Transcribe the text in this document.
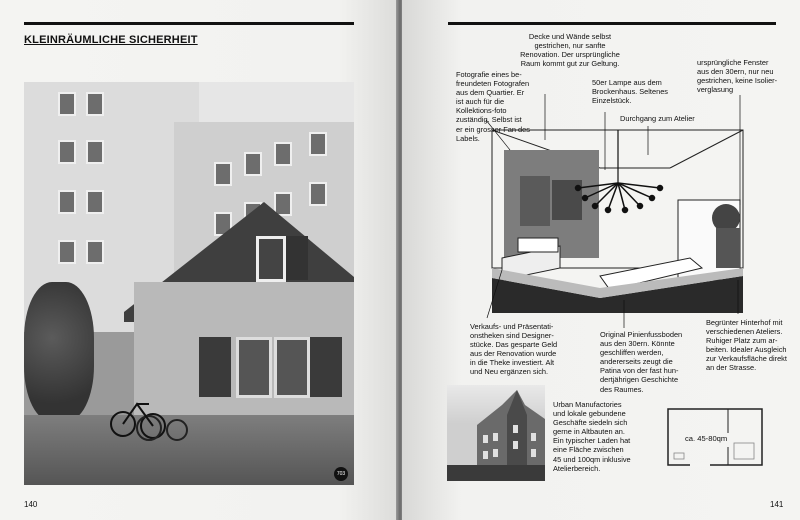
KLEINRÄUMLICHE SICHERHEIT
703
140	141
Decke und Wände selbst gestrichen, nur sanfte Renovation. Der ursprüngliche Raum kommt gut zur Geltung.
Fotografie eines be-freundeten Fotografen aus dem Quartier. Er ist auch für die Kollektions-foto zuständig. Selbst ist er ein grosser Fan des Labels.
50er Lampe aus dem Brockenhaus. Seltenes Einzelstück.
Durchgang zum Atelier
ursprüngliche Fenster aus den 30ern, nur neu gestrichen, keine Isolier-verglasung
Verkaufs- und Präsentati-onstheken sind Designer-stücke. Das gesparte Geld aus der Renovation wurde in die Theke investiert. Alt und Neu ergänzen sich.
Original Pinienfussboden aus den 30ern. Könnte geschliffen werden, andererseits zeugt die Patina von der fast hun-dertjährigen Geschichte des Raumes.
Begrünter Hinterhof mit verschiedenen Ateliers. Ruhiger Platz zum ar-beiten. Idealer Ausgleich zur Verkaufsfläche direkt an der Strasse.
Urban Manufactories und lokale gebundene Geschäfte siedeln sich gerne in Altbauten an. Ein typischer Laden hat eine Fläche zwischen 45 und 100qm inklusive Atelierbereich.
ca. 45-80qm
